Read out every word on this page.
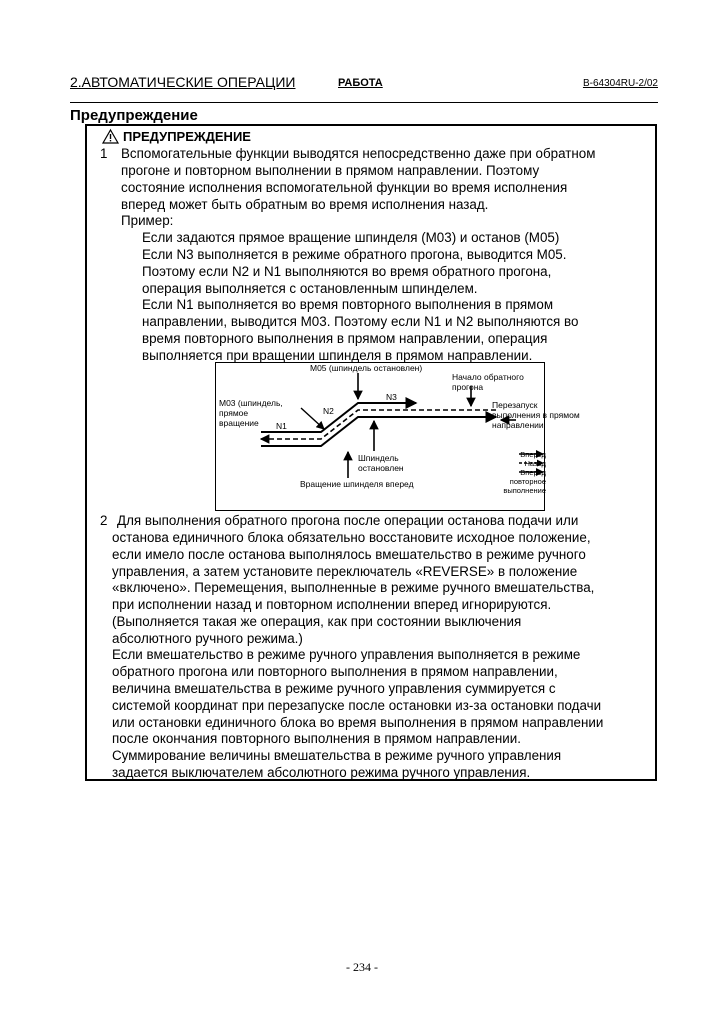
2.АВТОМАТИЧЕСКИЕ ОПЕРАЦИИ	РАБОТА	B-64304RU-2/02
Предупреждение
ПРЕДУПРЕЖДЕНИЕ
1 Вспомогательные функции выводятся непосредственно даже при обратном
прогоне и повторном выполнении в прямом направлении. Поэтому
состояние исполнения вспомогательной функции во время исполнения
вперед может быть обратным во время исполнения назад.
Пример:
Если задаются прямое вращение шпинделя (M03) и останов (M05)
Если N3 выполняется в режиме обратного прогона, выводится M05.
Поэтому если N2 и N1 выполняются во время обратного прогона,
операция выполняется с остановленным шпинделем.
Если N1 выполняется во время повторного выполнения в прямом
направлении, выводится M03. Поэтому если N1 и N2 выполняются во
время повторного выполнения в прямом направлении, операция
выполняется при вращении шпинделя в прямом направлении.
M05 (шпиндель остановлен)
Начало обратного
прогона
M03 (шпиндель,
прямое
вращение N1
N2
N3
Перезапуск
выполнения в прямом
направлении
Шпиндель
остановлен
Вращение шпинделя вперед
Вперед
Назад
Вперед
повторное
выполнение
2 Для выполнения обратного прогона после операции останова подачи или
останова единичного блока обязательно восстановите исходное положение,
если имело после останова выполнялось вмешательство в режиме ручного
управления, а затем установите переключатель «REVERSE» в положение
«включено». Перемещения, выполненные в режиме ручного вмешательства,
при исполнении назад и повторном исполнении вперед игнорируются.
(Выполняется такая же операция, как при состоянии выключения
абсолютного ручного режима.)
Если вмешательство в режиме ручного управления выполняется в режиме
обратного прогона или повторного выполнения в прямом направлении,
величина вмешательства в режиме ручного управления суммируется с
системой координат при перезапуске после остановки из-за остановки подачи
или остановки единичного блока во время выполнения в прямом направлении
после окончания повторного выполнения в прямом направлении.
Суммирование величины вмешательства в режиме ручного управления
задается выключателем абсолютного режима ручного управления.
- 234 -
